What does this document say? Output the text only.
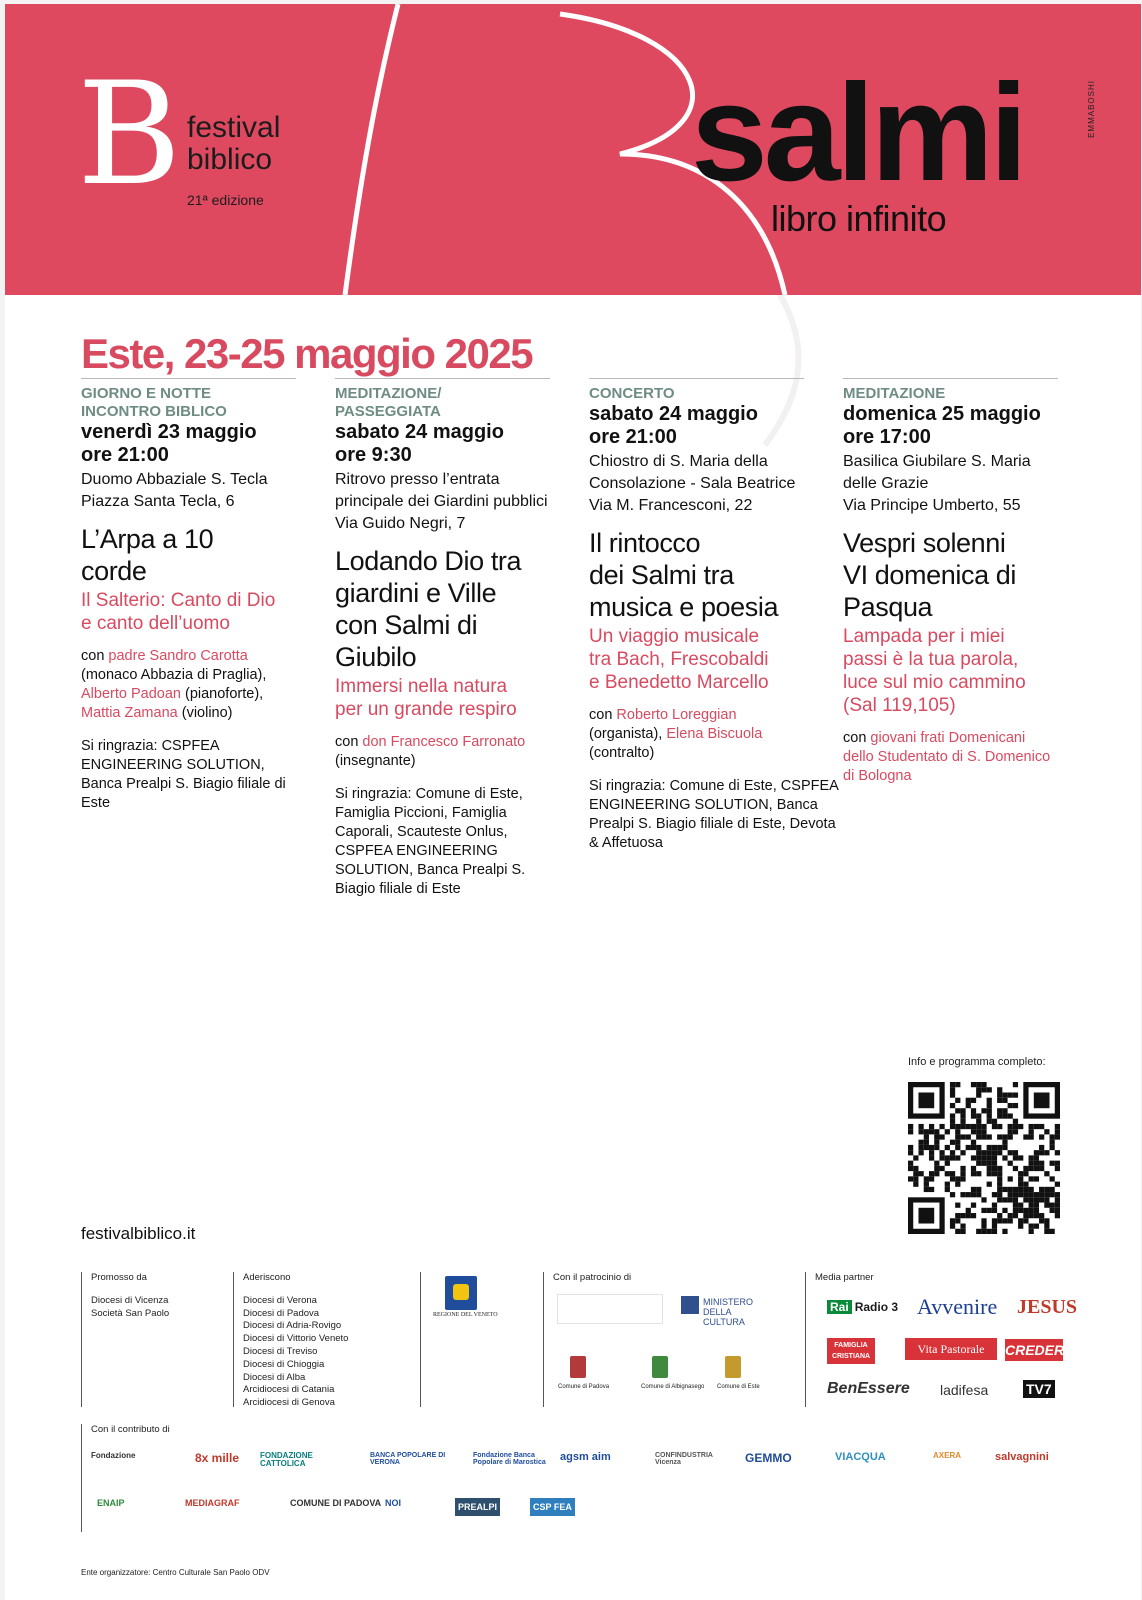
B festival
biblico
21ª edizione	salmi
libro infinito
EMMABOSHI
Este, 23-25 maggio 2025
GIORNO E NOTTE
INCONTRO BIBLICO
venerdì 23 maggio
ore 21:00
Duomo Abbaziale S. Tecla
Piazza Santa Tecla, 6
L’Arpa a 10
corde
Il Salterio: Canto di Dio
e canto dell’uomo
con padre Sandro Carotta (monaco Abbazia di Praglia), Alberto Padoan (pianoforte), Mattia Zamana (violino)
Si ringrazia: CSPFEA ENGINEERING SOLUTION, Banca Prealpi S. Biagio filiale di Este
MEDITAZIONE/
PASSEGGIATA
sabato 24 maggio
ore 9:30
Ritrovo presso l’entrata principale dei Giardini pubblici
Via Guido Negri, 7
Lodando Dio tra
giardini e Ville
con Salmi di
Giubilo
Immersi nella natura
per un grande respiro
con don Francesco Farronato (insegnante)
Si ringrazia: Comune di Este, Famiglia Piccioni, Famiglia Caporali, Scauteste Onlus, CSPFEA ENGINEERING SOLUTION, Banca Prealpi S. Biagio filiale di Este
CONCERTO
sabato 24 maggio
ore 21:00
Chiostro di S. Maria della Consolazione - Sala Beatrice
Via M. Francesconi, 22
Il rintocco
dei Salmi tra
musica e poesia
Un viaggio musicale
tra Bach, Frescobaldi
e Benedetto Marcello
con Roberto Loreggian (organista), Elena Biscuola (contralto)
Si ringrazia: Comune di Este, CSPFEA ENGINEERING SOLUTION, Banca Prealpi S. Biagio filiale di Este, Devota & Affetuosa
MEDITAZIONE
domenica 25 maggio
ore 17:00
Basilica Giubilare S. Maria delle Grazie
Via Principe Umberto, 55
Vespri solenni
VI domenica di
Pasqua
Lampada per i miei
passi è la tua parola,
luce sul mio cammino
(Sal 119,105)
con giovani frati Domenicani dello Studentato di S. Domenico di Bologna
Info e programma completo:
festivalbiblico.it
Promosso da
Diocesi di Vicenza
Società San Paolo
Aderiscono
Diocesi di Verona
Diocesi di Padova
Diocesi di Adria-Rovigo
Diocesi di Vittorio Veneto
Diocesi di Treviso
Diocesi di Chioggia
Diocesi di Alba
Arcidiocesi di Catania
Arcidiocesi di Genova
REGIONE DEL VENETO
Con il patrocinio di
MINISTERO DELLA CULTURA
Comune di Padova	Comune di Albignasego Comune di Este
Media partner
Rai Radio 3 Avvenire JESUS
FAMIGLIA CRISTIANA
Vita Pastorale	CREDERE
BenEssere ladifesa	TV7
Con il contributo di
Ente organizzatore: Centro Culturale San Paolo ODV
Fondazione	8x mille	FONDAZIONE CATTOLICA
BANCA POPOLARE DI VERONA
Fondazione Banca Popolare di Marostica	agsm aim	CONFINDUSTRIA Vicenza	GEMMO	VIACQUA	AXERA	salvagnini
ENAIP	MEDIAGRAF	COMUNE DI PADOVA NOI	PREALPI	CSP FEA
